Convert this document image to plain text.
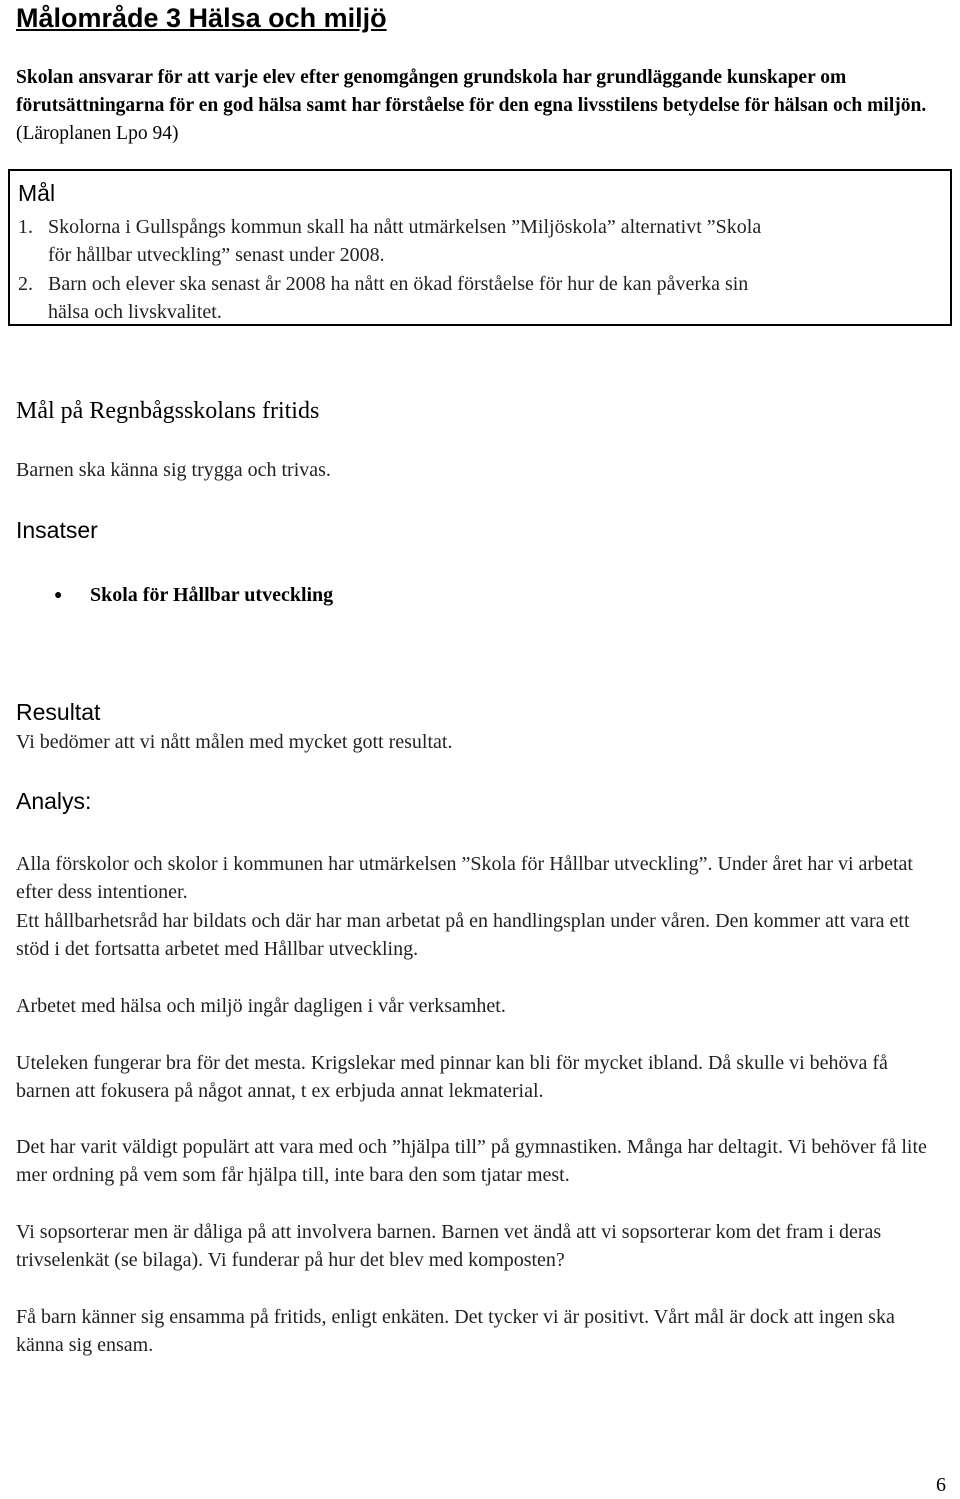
Målområde 3 Hälsa och miljö
Skolan ansvarar för att varje elev efter genomgången grundskola har grundläggande kunskaper om förutsättningarna för en god hälsa samt har förståelse för den egna livsstilens betydelse för hälsan och miljön. (Läroplanen Lpo 94)
Mål
1. Skolorna i Gullspångs kommun skall ha nått utmärkelsen ”Miljöskola” alternativt ”Skola
för hållbar utveckling” senast under 2008.
2. Barn och elever ska senast år 2008 ha nått en ökad förståelse för hur de kan påverka sin
hälsa och livskvalitet.
Mål på Regnbågsskolans fritids
Barnen ska känna sig trygga och trivas.
Insatser
● Skola för Hållbar utveckling
Resultat
Vi bedömer att vi nått målen med mycket gott resultat.
Analys:
Alla förskolor och skolor i kommunen har utmärkelsen ”Skola för Hållbar utveckling”. Under året har vi arbetat efter dess intentioner.
Ett hållbarhetsråd har bildats och där har man arbetat på en handlingsplan under våren. Den kommer att vara ett stöd i det fortsatta arbetet med Hållbar utveckling.
Arbetet med hälsa och miljö ingår dagligen i vår verksamhet.
Uteleken fungerar bra för det mesta. Krigslekar med pinnar kan bli för mycket ibland. Då skulle vi behöva få barnen att fokusera på något annat, t ex erbjuda annat lekmaterial.
Det har varit väldigt populärt att vara med och ”hjälpa till” på gymnastiken. Många har deltagit. Vi behöver få lite mer ordning på vem som får hjälpa till, inte bara den som tjatar mest.
Vi sopsorterar men är dåliga på att involvera barnen. Barnen vet ändå att vi sopsorterar kom det fram i deras trivselenkät (se bilaga). Vi funderar på hur det blev med komposten?
Få barn känner sig ensamma på fritids, enligt enkäten. Det tycker vi är positivt. Vårt mål är dock att ingen ska känna sig ensam.
6
